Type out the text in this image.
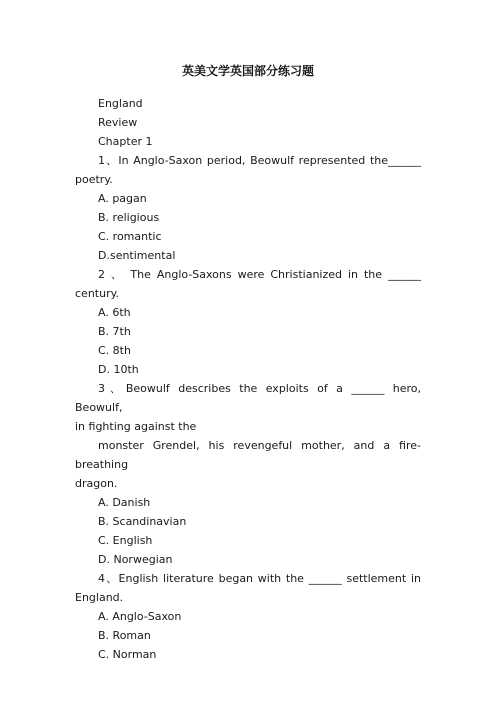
英美文学英国部分练习题
England
Review
Chapter 1
1、In Anglo-Saxon period, Beowulf represented the______
poetry.
A. pagan
B. religious
C. romantic
D.sentimental
2 、 The Anglo-Saxons were Christianized in the ______
century.
A. 6th
B. 7th
C. 8th
D. 10th
3、Beowulf describes the exploits of a ______ hero, Beowulf,
in fighting against the
monster Grendel, his revengeful mother, and a fire-breathing
dragon.
A. Danish
B. Scandinavian
C. English
D. Norwegian
4、English literature began with the ______ settlement in
England.
A. Anglo-Saxon
B. Roman
C. Norman
